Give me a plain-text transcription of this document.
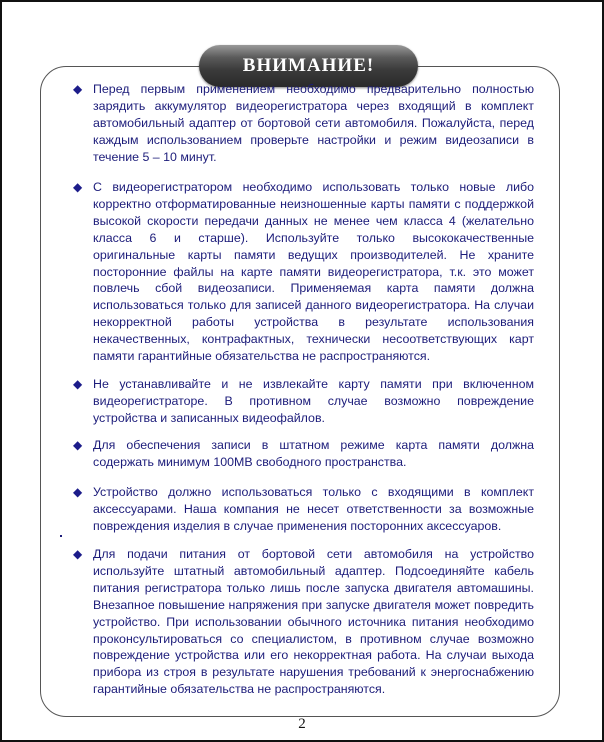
ВНИМАНИЕ!
◆ Перед первым применением необходимо предварительно полностью зарядить аккумулятор видеорегистратора через входящий в комплект автомобильный адаптер от бортовой сети автомобиля. Пожалуйста, перед каждым использованием проверьте настройки и режим видеозаписи в течение 5 – 10 минут.
◆ С видеорегистратором необходимо использовать только новые либо корректно отформатированные неизношенные карты памяти с поддержкой высокой скорости передачи данных не менее чем класса 4 (желательно класса 6 и старше). Используйте только высококачественные оригинальные карты памяти ведущих производителей. Не храните посторонние файлы на карте памяти видеорегистратора, т.к. это может повлечь сбой видеозаписи. Применяемая карта памяти должна использоваться только для записей данного видеорегистратора. На случаи некорректной работы устройства в результате использования некачественных, контрафактных, технически несоответствующих карт памяти гарантийные обязательства не распространяются.
◆ Не устанавливайте и не извлекайте карту памяти при включенном видеорегистраторе. В противном случае возможно повреждение устройства и записанных видеофайлов.
◆ Для обеспечения записи в штатном режиме карта памяти должна содержать минимум 100MB свободного пространства.
◆ Устройство должно использоваться только с входящими в комплект аксессуарами. Наша компания не несет ответственности за возможные повреждения изделия в случае применения посторонних аксессуаров.
◆ Для подачи питания от бортовой сети автомобиля на устройство используйте штатный автомобильный адаптер. Подсоединяйте кабель питания регистратора только лишь после запуска двигателя автомашины. Внезапное повышение напряжения при запуске двигателя может повредить устройство. При использовании обычного источника питания необходимо проконсультироваться со специалистом, в противном случае возможно повреждение устройства или его некорректная работа. На случаи выхода прибора из строя в результате нарушения требований к энергоснабжению гарантийные обязательства не распространяются.
2
